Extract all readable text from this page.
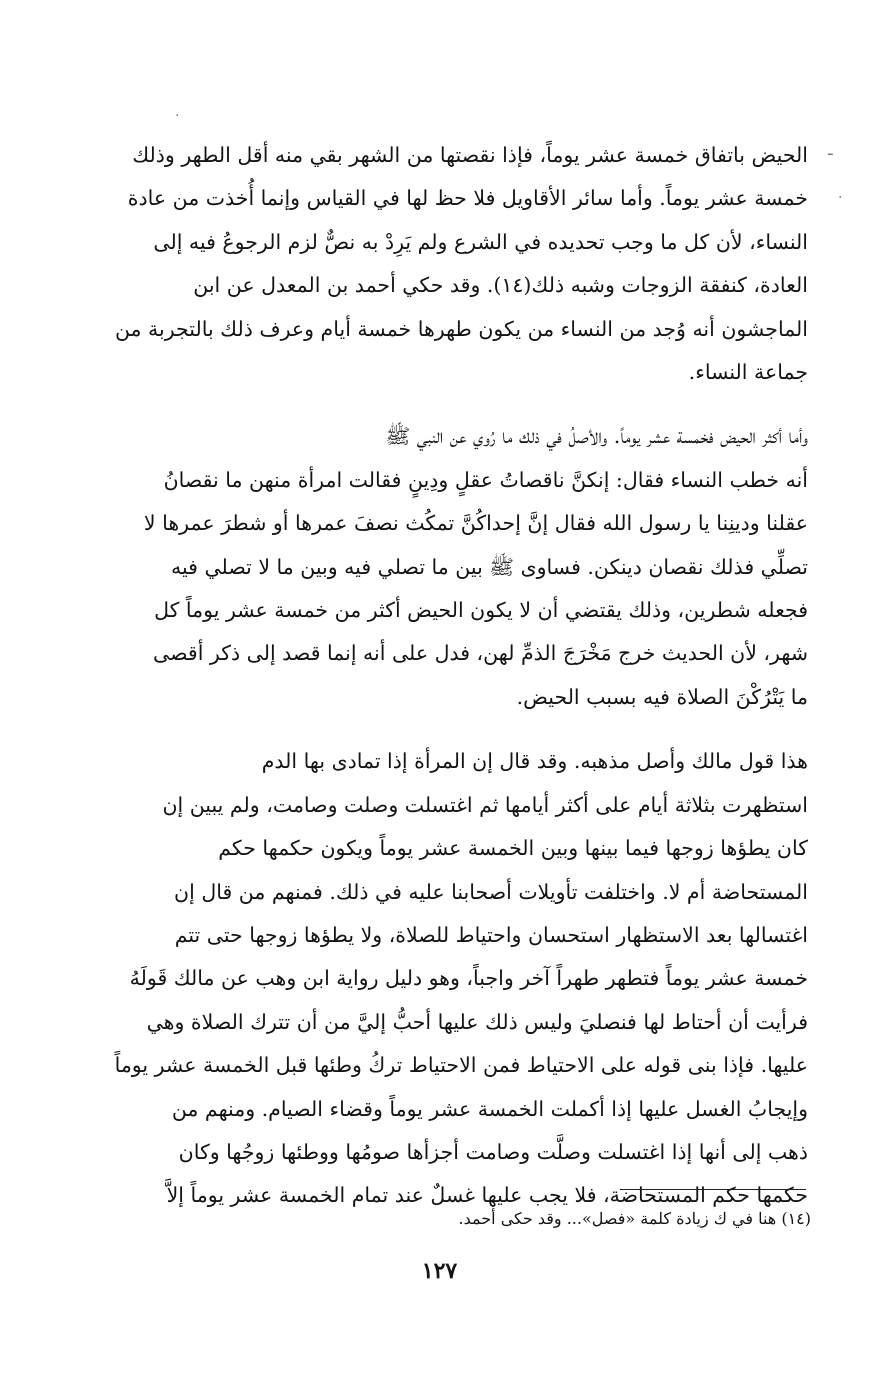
·
ـ
·

الحيض باتفاق خمسة عشر يوماً، فإذا نقصتها من الشهر بقي منه أقل الطهر وذلك

خمسة عشر يوماً. وأما سائر الأقاويل فلا حظ لها في القياس وإنما أُخذت من عادة

النساء، لأن كل ما وجب تحديده في الشرع ولم يَرِدْ به نصٌّ لزم الرجوعُ فيه إلى

العادة، كنفقة الزوجات وشبه ذلك(١٤). وقد حكي أحمد بن المعدل عن ابن

الماجشون أنه وُجد من النساء من يكون طهرها خمسة أيام وعرف ذلك بالتجربة من

جماعة النساء.

وأما أكثر الحيض فخمسة عشر يوماً. والأصلُ في ذلك ما رُوي عن النبي ﷺ

أنه خطب النساء فقال: إنكنَّ ناقصاتُ عقلٍ ودِينٍ فقالت امرأة منهن ما نقصانُ

عقلنا ودينِنا يا رسول الله فقال إنَّ إحداكُنَّ تمكُث نصفَ عمرها أو شطرَ عمرها لا

تصلِّي فذلك نقصان دينكن. فساوى ﷺ بين ما تصلي فيه وبين ما لا تصلي فيه

فجعله شطرين، وذلك يقتضي أن لا يكون الحيض أكثر من خمسة عشر يوماً كل

شهر، لأن الحديث خرج مَخْرَجَ الذمِّ لهن، فدل على أنه إنما قصد إلى ذكر أقصى

ما يَتْرُكْنَ الصلاة فيه بسبب الحيض.

هذا قول مالك وأصل مذهبه. وقد قال إن المرأة إذا تمادى بها الدم

استظهرت بثلاثة أيام على أكثر أيامها ثم اغتسلت وصلت وصامت، ولم يبين إن

كان يطؤها زوجها فيما بينها وبين الخمسة عشر يوماً ويكون حكمها حكم

المستحاضة أم لا. واختلفت تأويلات أصحابنا عليه في ذلك. فمنهم من قال إن

اغتسالها بعد الاستظهار استحسان واحتياط للصلاة، ولا يطؤها زوجها حتى تتم

خمسة عشر يوماً فتطهر طهراً آخر واجباً، وهو دليل رواية ابن وهب عن مالك قَولَهُ

فرأيت أن أحتاط لها فنصليَ وليس ذلك عليها أحبُّ إليَّ من أن تترك الصلاة وهي

عليها. فإذا بنى قوله على الاحتياط فمن الاحتياط تركُ وطئها قبل الخمسة عشر يوماً

وإيجابُ الغسل عليها إذا أكملت الخمسة عشر يوماً وقضاء الصيام. ومنهم من

ذهب إلى أنها إذا اغتسلت وصلَّت وصامت أجزأها صومُها ووطئها زوجُها وكان

حكمها حكم المستحاضة، فلا يجب عليها غسلٌ عند تمام الخمسة عشر يوماً إلاَّ

(١٤) هنا في ك زيادة كلمة «فصل»... وقد حكى أحمد.
١٢٧
